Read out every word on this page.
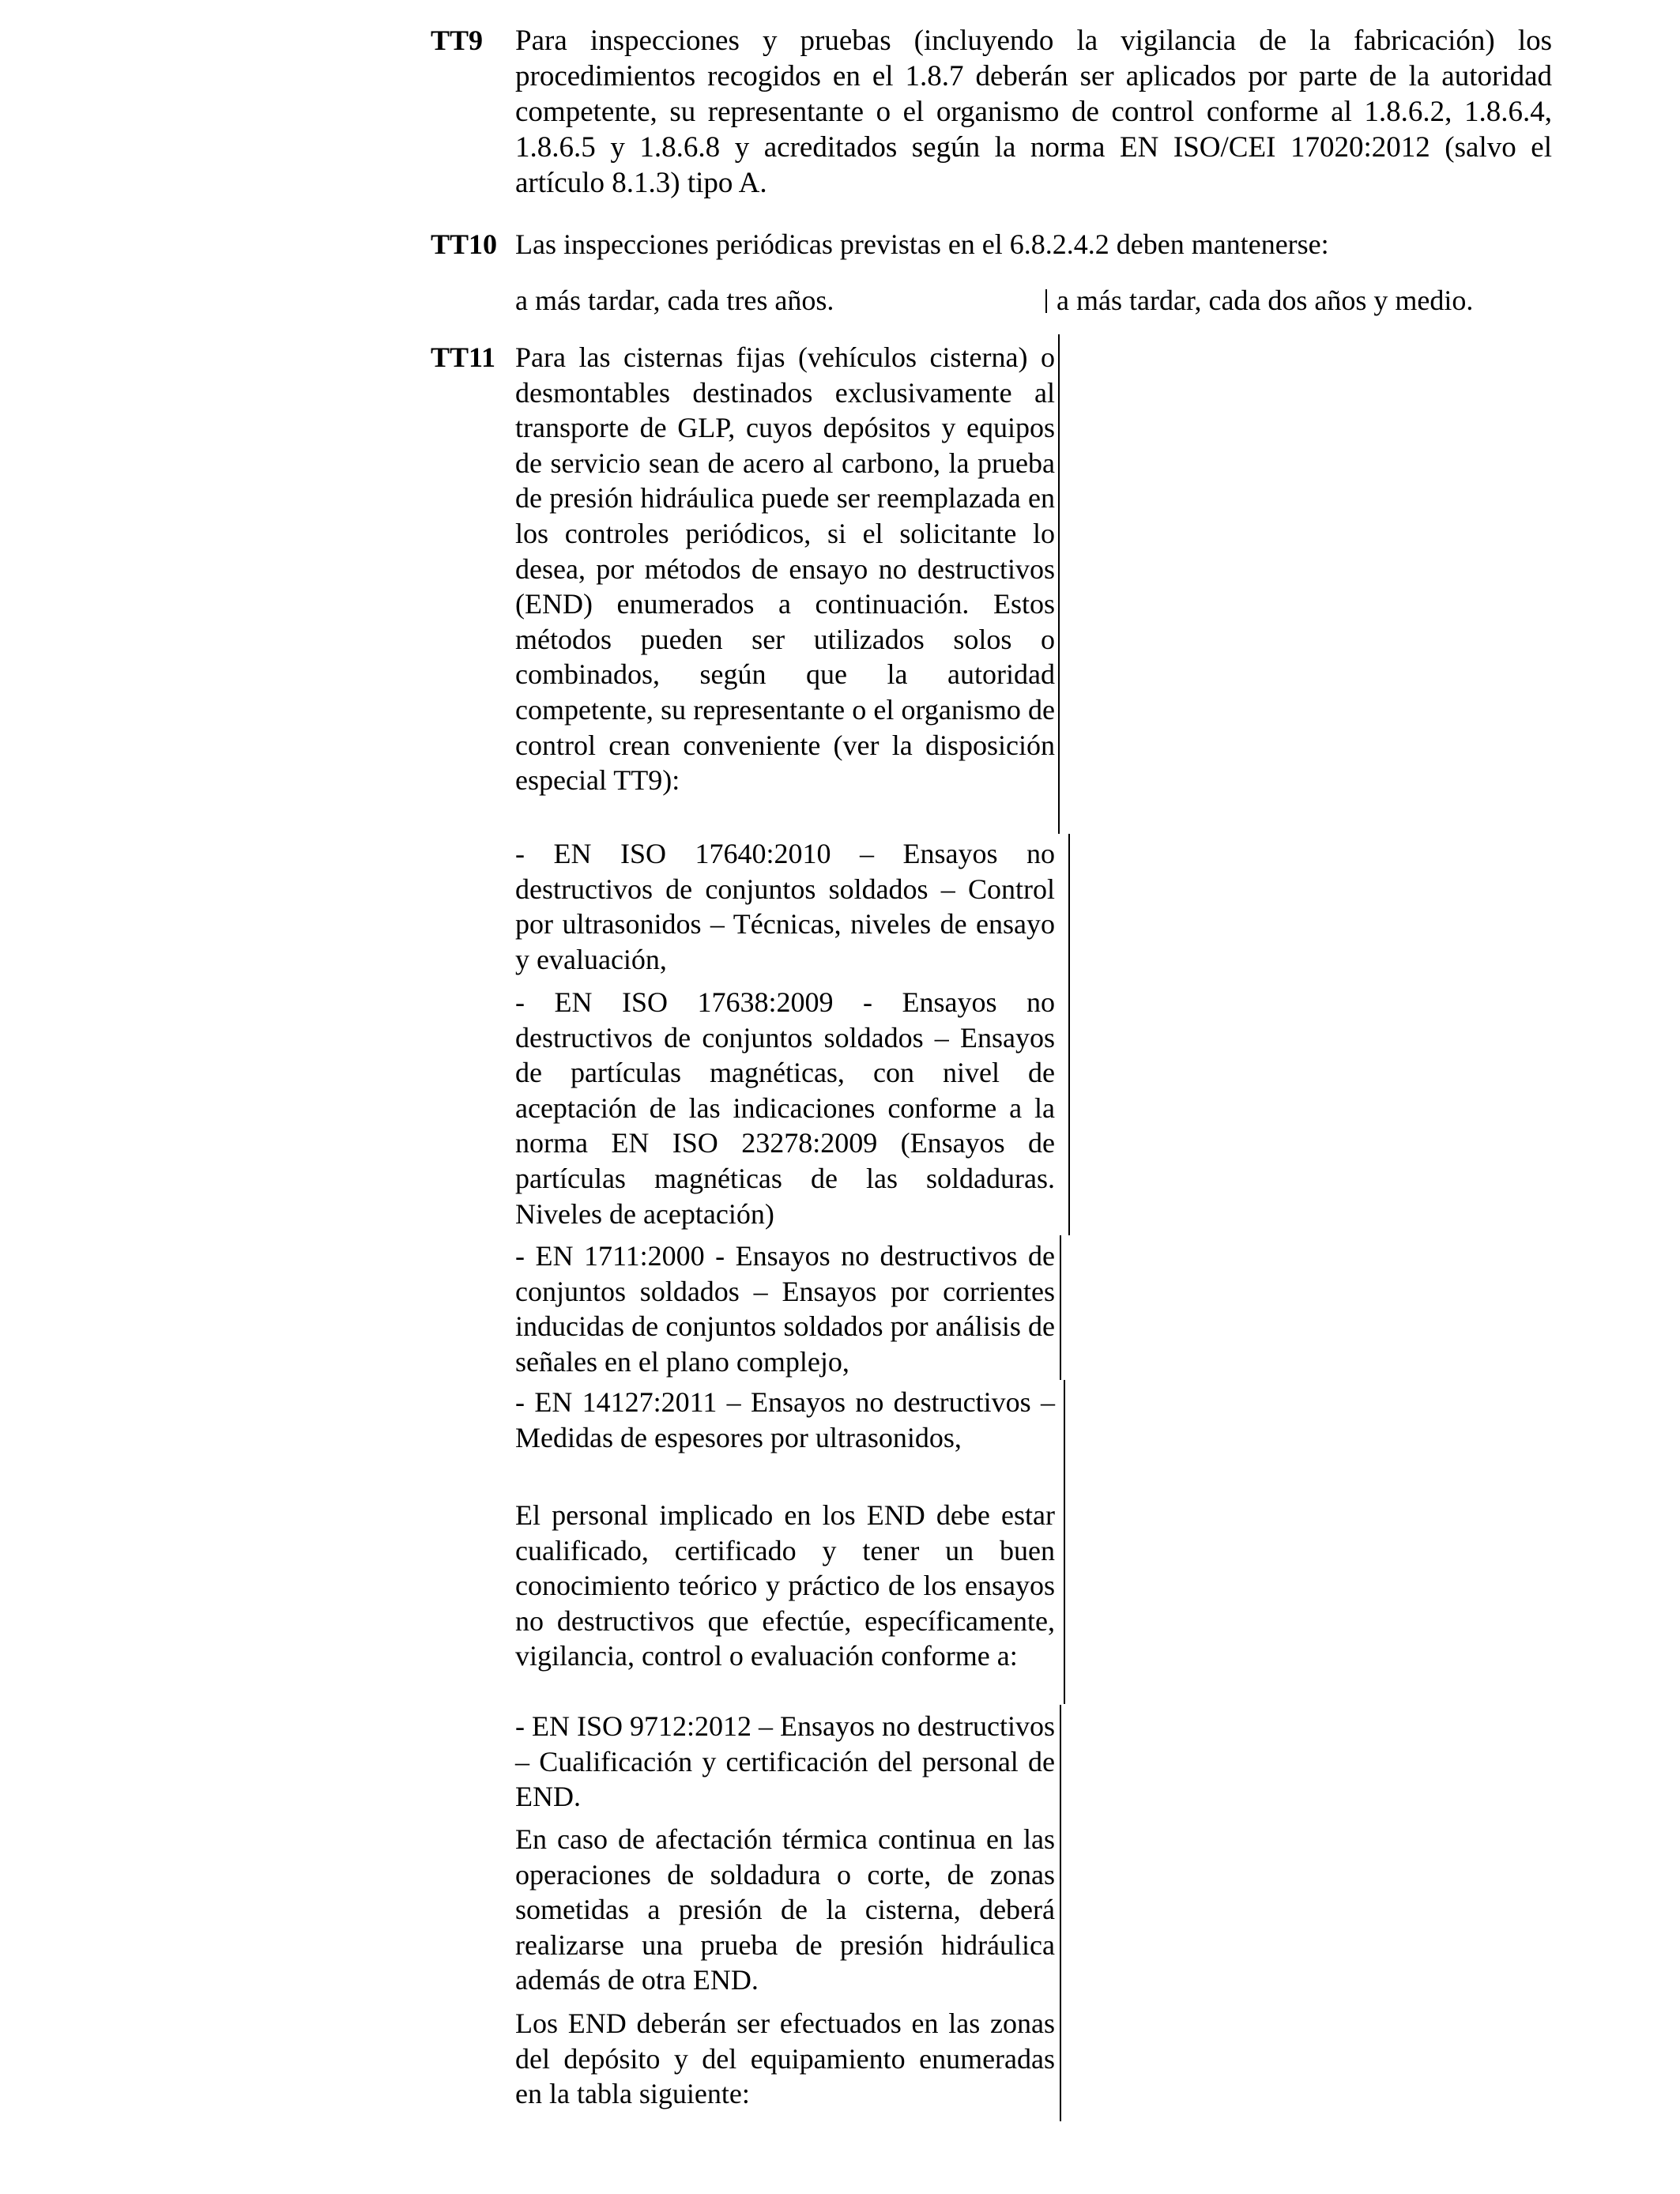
TT9 Para inspecciones y pruebas (incluyendo la vigilancia de la fabricación) los procedimientos recogidos en el 1.8.7 deberán ser aplicados por parte de la autoridad competente, su representante o el organismo de control conforme al 1.8.6.2, 1.8.6.4, 1.8.6.5 y 1.8.6.8 y acreditados según la norma EN ISO/CEI 17020:2012 (salvo el artículo 8.1.3) tipo A.
TT10 Las inspecciones periódicas previstas en el 6.8.2.4.2 deben mantenerse:
a más tardar, cada tres años.	a más tardar, cada dos años y medio.
TT11 Para las cisternas fijas (vehículos cisterna) o desmontables destinados exclusivamente al transporte de GLP, cuyos depósitos y equipos de servicio sean de acero al carbono, la prueba de presión hidráulica puede ser reemplazada en los controles periódicos, si el solicitante lo desea, por métodos de ensayo no destructivos (END) enumerados a continuación. Estos métodos pueden ser utilizados solos o combinados, según que la autoridad competente, su representante o el organismo de control crean conveniente (ver la disposición especial TT9):
- EN ISO 17640:2010 – Ensayos no destructivos de conjuntos soldados – Control por ultrasonidos – Técnicas, niveles de ensayo y evaluación,
- EN ISO 17638:2009 - Ensayos no destructivos de conjuntos soldados – Ensayos de partículas magnéticas, con nivel de aceptación de las indicaciones conforme a la norma EN ISO 23278:2009 (Ensayos de partículas magnéticas de las soldaduras. Niveles de aceptación)
- EN 1711:2000 - Ensayos no destructivos de conjuntos soldados – Ensayos por corrientes inducidas de conjuntos soldados por análisis de señales en el plano complejo,
- EN 14127:2011 – Ensayos no destructivos – Medidas de espesores por ultrasonidos,
El personal implicado en los END debe estar cualificado, certificado y tener un buen conocimiento teórico y práctico de los ensayos no destructivos que efectúe, específicamente, vigilancia, control o evaluación conforme a:
- EN ISO 9712:2012 – Ensayos no destructivos – Cualificación y certificación del personal de END.
En caso de afectación térmica continua en las operaciones de soldadura o corte, de zonas sometidas a presión de la cisterna, deberá realizarse una prueba de presión hidráulica además de otra END.
Los END deberán ser efectuados en las zonas del depósito y del equipamiento enumeradas en la tabla siguiente:
